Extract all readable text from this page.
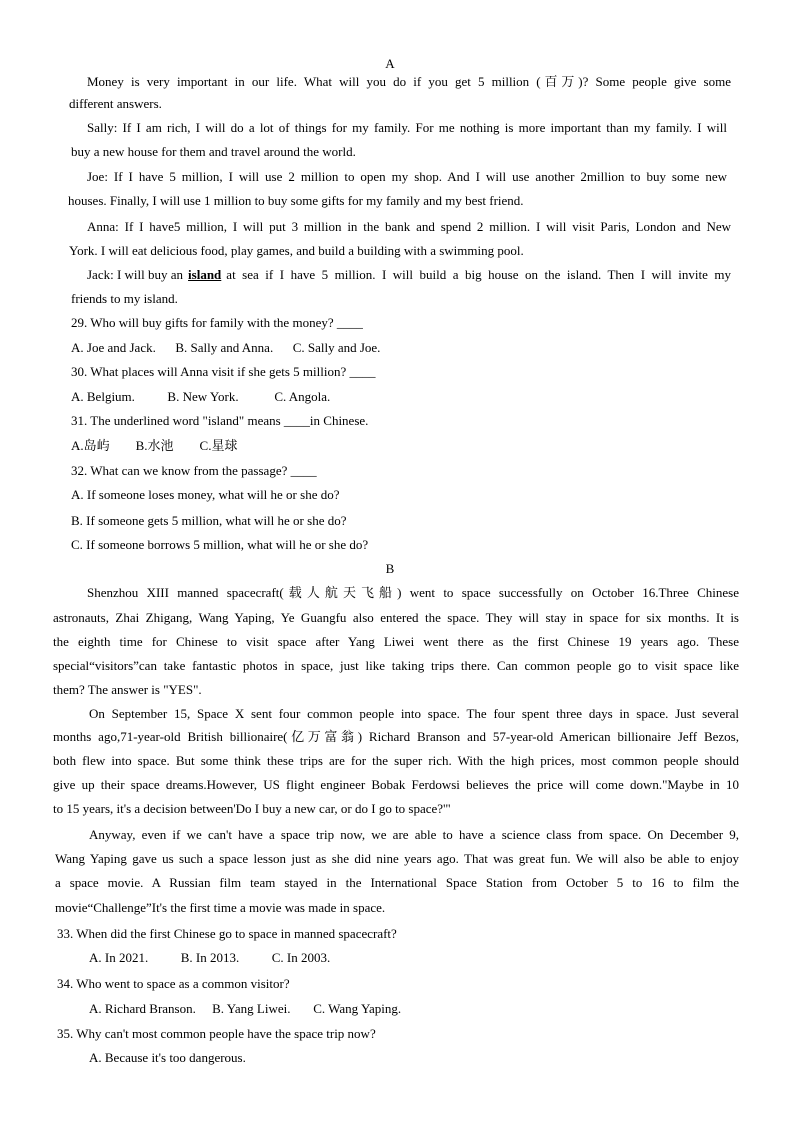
A
Money is very important in our life. What will you do if you get 5 million (百万)? Some people give some
different answers.
Sally: If I am rich, I will do a lot of things for my family. For me nothing is more important than my family. I will
buy a new house for them and travel around the world.
Joe: If I have 5 million, I will use 2 million to open my shop. And I will use another 2million to buy some new
houses. Finally, I will use 1 million to buy some gifts for my family and my best friend.
Anna: If I have5 million, I will put 3 million in the bank and spend 2 million. I will visit Paris, London and New
York. I will eat delicious food, play games, and build a building with a swimming pool.
Jack: I will buy an island at sea if I have 5 million. I will build a big house on the island. Then I will invite my
friends to my island.
29. Who will buy gifts for family with the money? ____
A. Joe and Jack.      B. Sally and Anna.      C. Sally and Joe.
30. What places will Anna visit if she gets 5 million? ____
A. Belgium.          B. New York.           C. Angola.
31. The underlined word "island" means ____in Chinese.
A.岛屿        B.水池        C.星球
32. What can we know from the passage? ____
A. If someone loses money, what will he or she do?
B. If someone gets 5 million, what will he or she do?
C. If someone borrows 5 million, what will he or she do?
B
Shenzhou XIII manned spacecraft(载人航天飞船) went to space successfully on October 16.Three Chinese
astronauts, Zhai Zhigang, Wang Yaping, Ye Guangfu also entered the space. They will stay in space for six months. It is
the eighth time for Chinese to visit space after Yang Liwei went there as the first Chinese 19 years ago. These
special“visitors”can take fantastic photos in space, just like taking trips there. Can common people go to visit space like
them? The answer is "YES".
On September 15, Space X sent four common people into space. The four spent three days in space. Just several
months ago,71-year-old British billionaire(亿万富翁) Richard Branson and 57-year-old American billionaire Jeff Bezos,
both flew into space. But some think these trips are for the super rich. With the high prices, most common people should
give up their space dreams.However, US flight engineer Bobak Ferdowsi believes the price will come down."Maybe in 10
to 15 years, it's a decision between'Do I buy a new car, or do I go to space?'"
Anyway, even if we can't have a space trip now, we are able to have a science class from space. On December 9,
Wang Yaping gave us such a space lesson just as she did nine years ago. That was great fun. We will also be able to enjoy
a space movie. A Russian film team stayed in the International Space Station from October 5 to 16 to film the
movie“Challenge”It's the first time a movie was made in space.
33. When did the first Chinese go to space in manned spacecraft?
A. In 2021.          B. In 2013.          C. In 2003.
34. Who went to space as a common visitor?
A. Richard Branson.     B. Yang Liwei.       C. Wang Yaping.
35. Why can't most common people have the space trip now?
A. Because it's too dangerous.
